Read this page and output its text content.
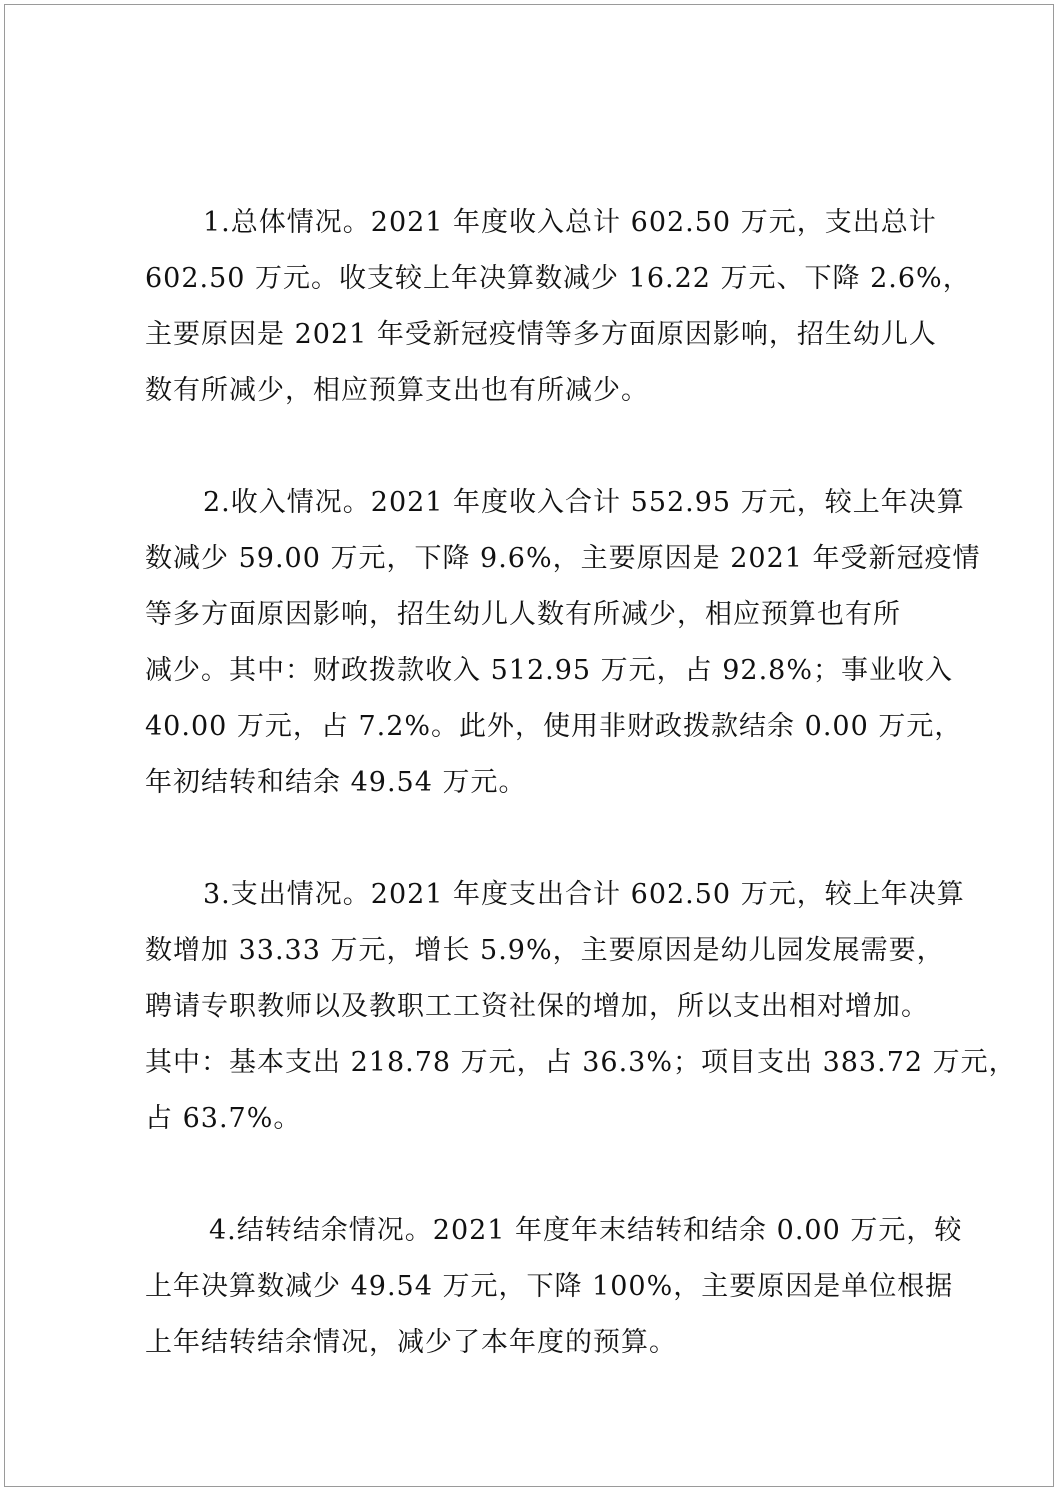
1.总体情况。2021 年度收入总计 602.50 万元，支出总计
602.50 万元。收支较上年决算数减少 16.22 万元、下降 2.6%，
主要原因是 2021 年受新冠疫情等多方面原因影响，招生幼儿人
数有所减少，相应预算支出也有所减少。
2.收入情况。2021 年度收入合计 552.95 万元，较上年决算
数减少 59.00 万元，下降 9.6%，主要原因是 2021 年受新冠疫情
等多方面原因影响，招生幼儿人数有所减少，相应预算也有所
减少。其中：财政拨款收入 512.95 万元，占 92.8%；事业收入
40.00 万元，占 7.2%。此外，使用非财政拨款结余 0.00 万元，
年初结转和结余 49.54 万元。
3.支出情况。2021 年度支出合计 602.50 万元，较上年决算
数增加 33.33 万元，增长 5.9%，主要原因是幼儿园发展需要，
聘请专职教师以及教职工工资社保的增加，所以支出相对增加。
其中：基本支出 218.78 万元，占 36.3%；项目支出 383.72 万元，
占 63.7%。
4.结转结余情况。2021 年度年末结转和结余 0.00 万元，较
上年决算数减少 49.54 万元，下降 100%，主要原因是单位根据
上年结转结余情况，减少了本年度的预算。
